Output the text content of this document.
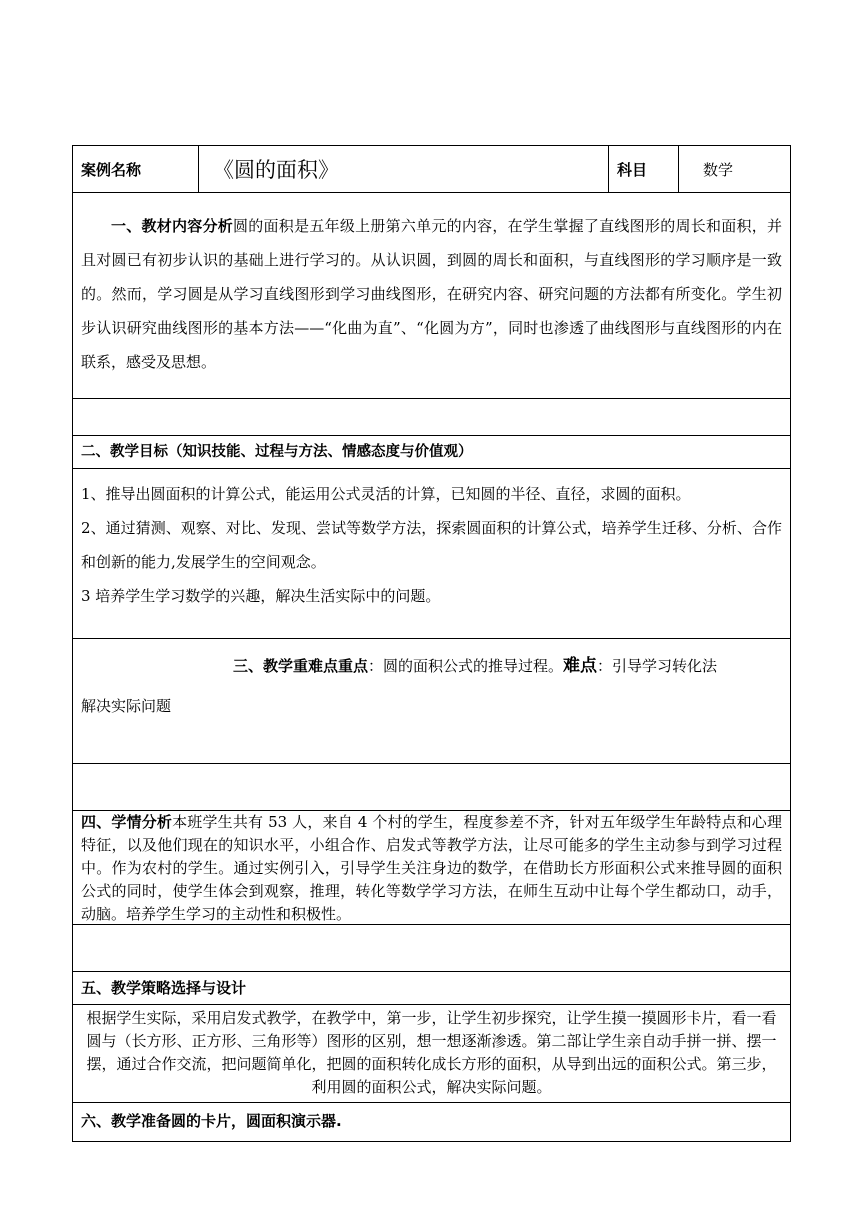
案例名称	《圆的面积》	科目	数学

一、教材内容分析圆的面积是五年级上册第六单元的内容，在学生掌握了直线图形的周长和面积，并且对圆已有初步认识的基础上进行学习的。从认识圆，到圆的周长和面积，与直线图形的学习顺序是一致的。然而，学习圆是从学习直线图形到学习曲线图形，在研究内容、研究问题的方法都有所变化。学生初步认识研究曲线图形的基本方法——“化曲为直”、“化圆为方”，同时也渗透了曲线图形与直线图形的内在联系，感受及思想。

二、教学目标（知识技能、过程与方法、情感态度与价值观）

1、推导出圆面积的计算公式，能运用公式灵活的计算，已知圆的半径、直径，求圆的面积。

2、通过猜测、观察、对比、发现、尝试等数学方法，探索圆面积的计算公式，培养学生迁移、分析、合作和创新的能力,发展学生的空间观念。

3 培养学生学习数学的兴趣，解决生活实际中的问题。

三、教学重难点重点：圆的面积公式的推导过程。难点：引导学习转化法

解决实际问题

四、学情分析本班学生共有 53 人，来自 4 个村的学生，程度参差不齐，针对五年级学生年龄特点和心理特征，以及他们现在的知识水平，小组合作、启发式等教学方法，让尽可能多的学生主动参与到学习过程中。作为农村的学生。通过实例引入，引导学生关注身边的数学，在借助长方形面积公式来推导圆的面积公式的同时，使学生体会到观察，推理，转化等数学学习方法，在师生互动中让每个学生都动口，动手，动脑。培养学生学习的主动性和积极性。

五、教学策略选择与设计

根据学生实际，采用启发式教学，在教学中，第一步，让学生初步探究，让学生摸一摸圆形卡片，看一看圆与（长方形、正方形、三角形等）图形的区别，想一想逐渐渗透。第二部让学生亲自动手拼一拼、摆一摆，通过合作交流，把问题简单化，把圆的面积转化成长方形的面积，从导到出远的面积公式。第三步，利用圆的面积公式，解决实际问题。

六、教学准备圆的卡片，圆面积演示器.
